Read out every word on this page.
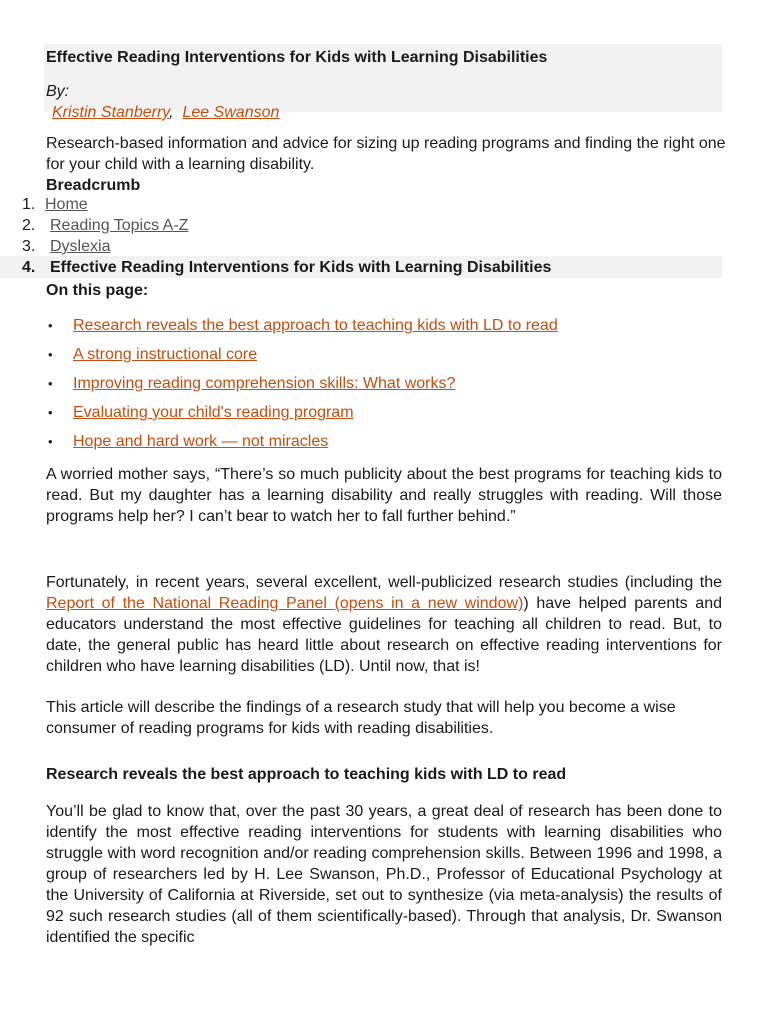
Effective Reading Interventions for Kids with Learning Disabilities
By:
Kristin Stanberry, Lee Swanson
Research-based information and advice for sizing up reading programs and finding the right one for your child with a learning disability.
Breadcrumb
1. Home
2. Reading Topics A-Z
3. Dyslexia
4. Effective Reading Interventions for Kids with Learning Disabilities
On this page:
• Research reveals the best approach to teaching kids with LD to read
• A strong instructional core
• Improving reading comprehension skills: What works?
• Evaluating your child's reading program
• Hope and hard work — not miracles
A worried mother says, “There’s so much publicity about the best programs for teaching kids to read. But my daughter has a learning disability and really struggles with reading. Will those programs help her? I can’t bear to watch her to fall further behind.”
Fortunately, in recent years, several excellent, well-publicized research studies (including the Report of the National Reading Panel (opens in a new window)) have helped parents and educators understand the most effective guidelines for teaching all children to read. But, to date, the general public has heard little about research on effective reading interventions for children who have learning disabilities (LD). Until now, that is!
This article will describe the findings of a research study that will help you become a wise consumer of reading programs for kids with reading disabilities.
Research reveals the best approach to teaching kids with LD to read
You’ll be glad to know that, over the past 30 years, a great deal of research has been done to identify the most effective reading interventions for students with learning disabilities who struggle with word recognition and/or reading comprehension skills. Between 1996 and 1998, a group of researchers led by H. Lee Swanson, Ph.D., Professor of Educational Psychology at the University of California at Riverside, set out to synthesize (via meta-analysis) the results of 92 such research studies (all of them scientifically-based). Through that analysis, Dr. Swanson identified the specific
